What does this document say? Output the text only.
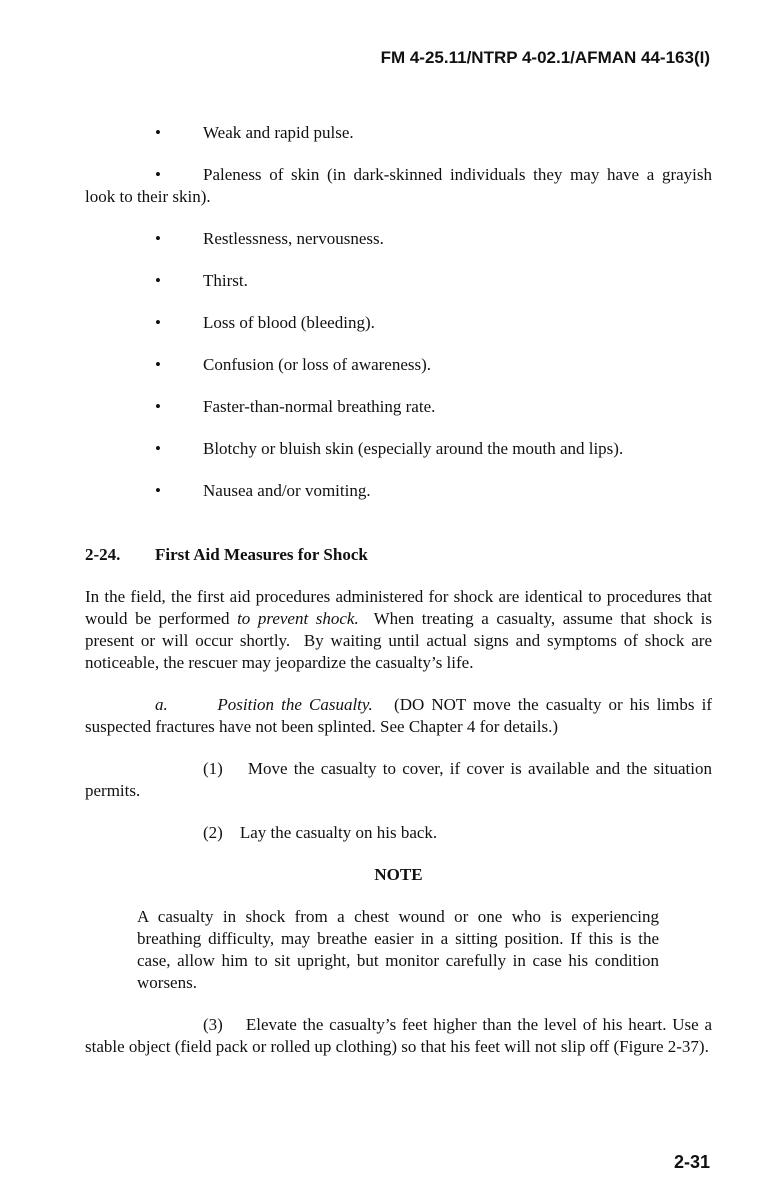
FM 4-25.11/NTRP 4-02.1/AFMAN 44-163(I)
•	Weak and rapid pulse.
•	Paleness of skin (in dark-skinned individuals they may have a grayish look to their skin).
•	Restlessness, nervousness.
•	Thirst.
•	Loss of blood (bleeding).
•	Confusion (or loss of awareness).
•	Faster-than-normal breathing rate.
•	Blotchy or bluish skin (especially around the mouth and lips).
•	Nausea and/or vomiting.
2-24. First Aid Measures for Shock

In the field, the first aid procedures administered for shock are identical to procedures that would be performed to prevent shock.  When treating a casualty, assume that shock is present or will occur shortly.  By waiting until actual signs and symptoms of shock are noticeable, the rescuer may jeopardize the casualty’s life.

a.	Position the Casualty. (DO NOT move the casualty or his limbs if suspected fractures have not been splinted. See Chapter 4 for details.)

(1) Move the casualty to cover, if cover is available and the situation permits.

(2) Lay the casualty on his back.

NOTE

A casualty in shock from a chest wound or one who is experiencing breathing difficulty, may breathe easier in a sitting position. If this is the case, allow him to sit upright, but monitor carefully in case his condition worsens.

(3) Elevate the casualty’s feet higher than the level of his heart. Use a stable object (field pack or rolled up clothing) so that his feet will not slip off (Figure 2-37).

2-31
